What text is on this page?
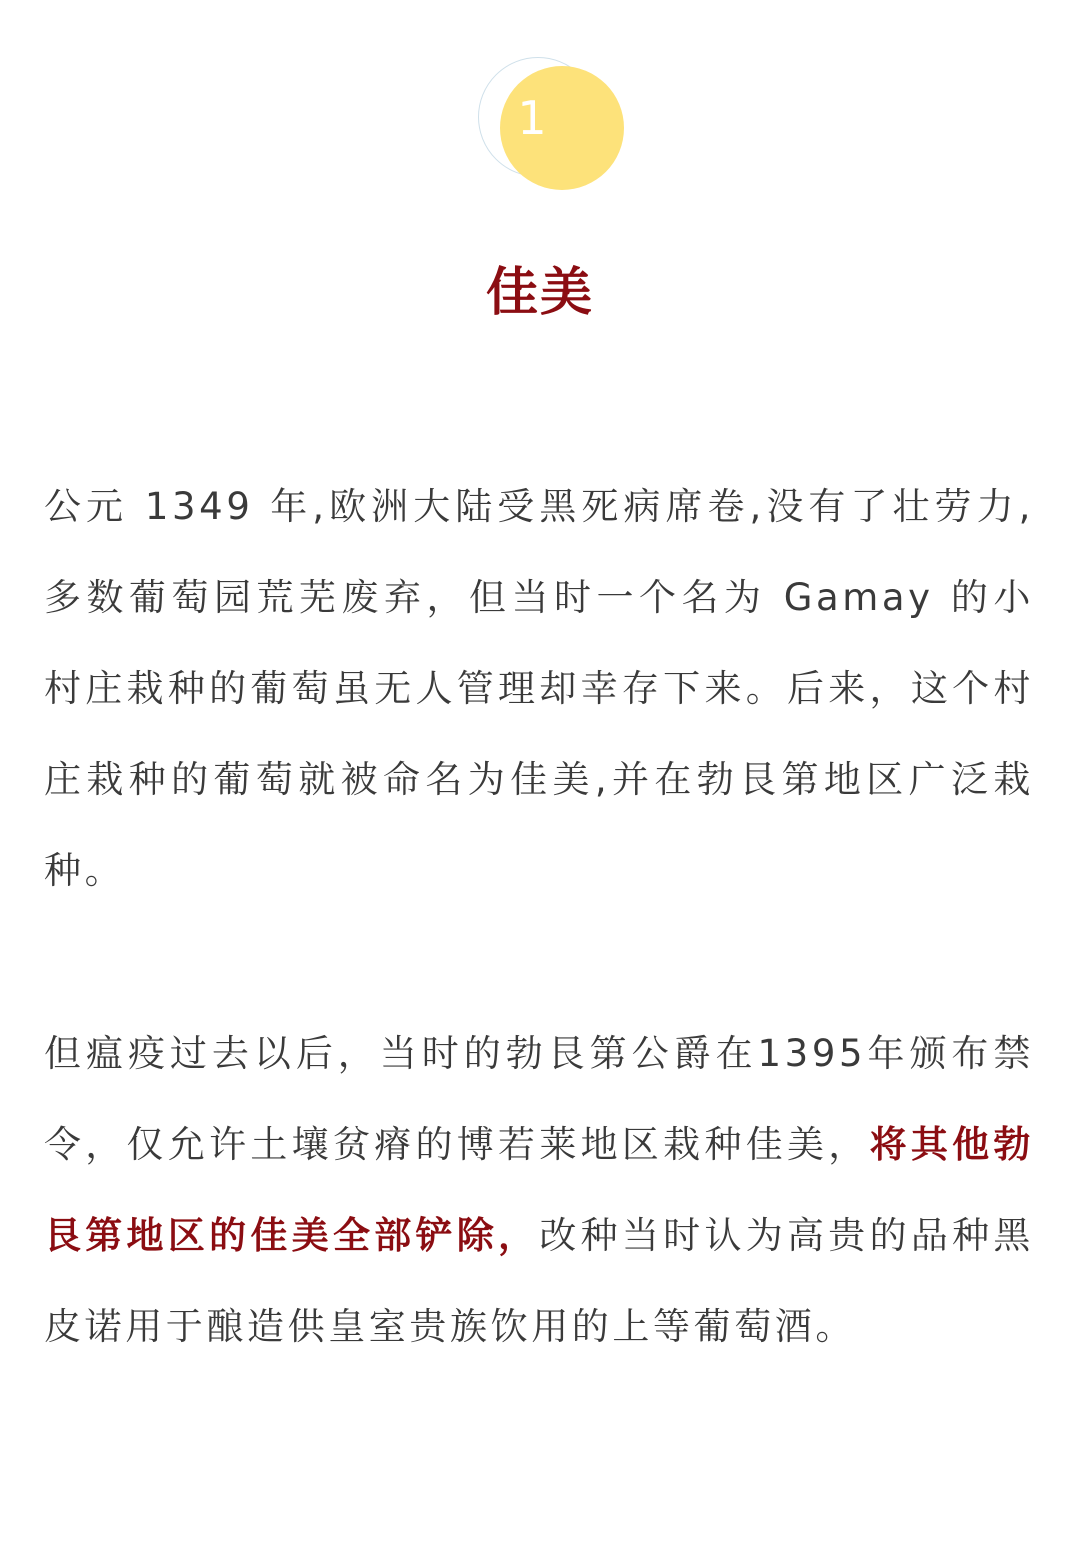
1
佳美

公元 1349 年,欧洲大陆受黑死病席卷,没有了壮劳力,多数葡萄园荒芜废弃，但当时一个名为 Gamay 的小村庄栽种的葡萄虽无人管理却幸存下来。后来，这个村庄栽种的葡萄就被命名为佳美,并在勃艮第地区广泛栽种。

但瘟疫过去以后，当时的勃艮第公爵在1395年颁布禁令，仅允许土壤贫瘠的博若莱地区栽种佳美，将其他勃艮第地区的佳美全部铲除，改种当时认为高贵的品种黑皮诺用于酿造供皇室贵族饮用的上等葡萄酒。
